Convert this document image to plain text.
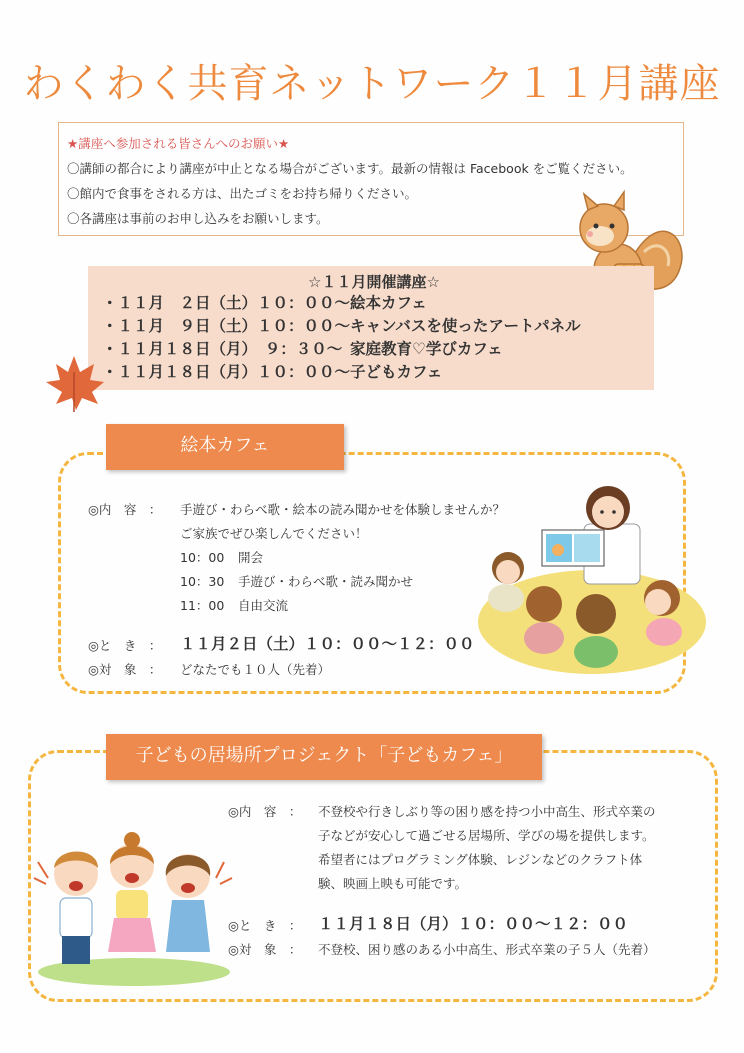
わくわく共育ネットワーク１１月講座
★講座へ参加される皆さんへのお願い★
〇講師の都合により講座が中止となる場合がございます。最新の情報は Facebook をご覧ください。
〇館内で食事をされる方は、出たゴミをお持ち帰りください。
〇各講座は事前のお申し込みをお願いします。
☆１１月開催講座☆
・１１月　２日（土）１０：００～絵本カフェ
・１１月　９日（土）１０：００～キャンバスを使ったアートパネル
・１１月１８日（月）　９：３０～ 家庭教育♡学びカフェ
・１１月１８日（月）１０：００～子どもカフェ
絵本カフェ
◎内　容　： 手遊び・わらべ歌・絵本の読み聞かせを体験しませんか？
ご家族でぜひ楽しんでください！
10：00 開会
10：30 手遊び・わらべ歌・読み聞かせ
11：00 自由交流
◎と　き　： １１月２日（土）１０：００～１２：００
◎対　象　： どなたでも１０人（先着）
子どもの居場所プロジェクト「子どもカフェ」
◎内　容　： 不登校や行きしぶり等の困り感を持つ小中高生、形式卒業の
子などが安心して過ごせる居場所、学びの場を提供します。
希望者にはプログラミング体験、レジンなどのクラフト体
験、映画上映も可能です。
◎と　き　： １１月１８日（月）１０：００～１２：００
◎対　象　： 不登校、困り感のある小中高生、形式卒業の子５人（先着）
